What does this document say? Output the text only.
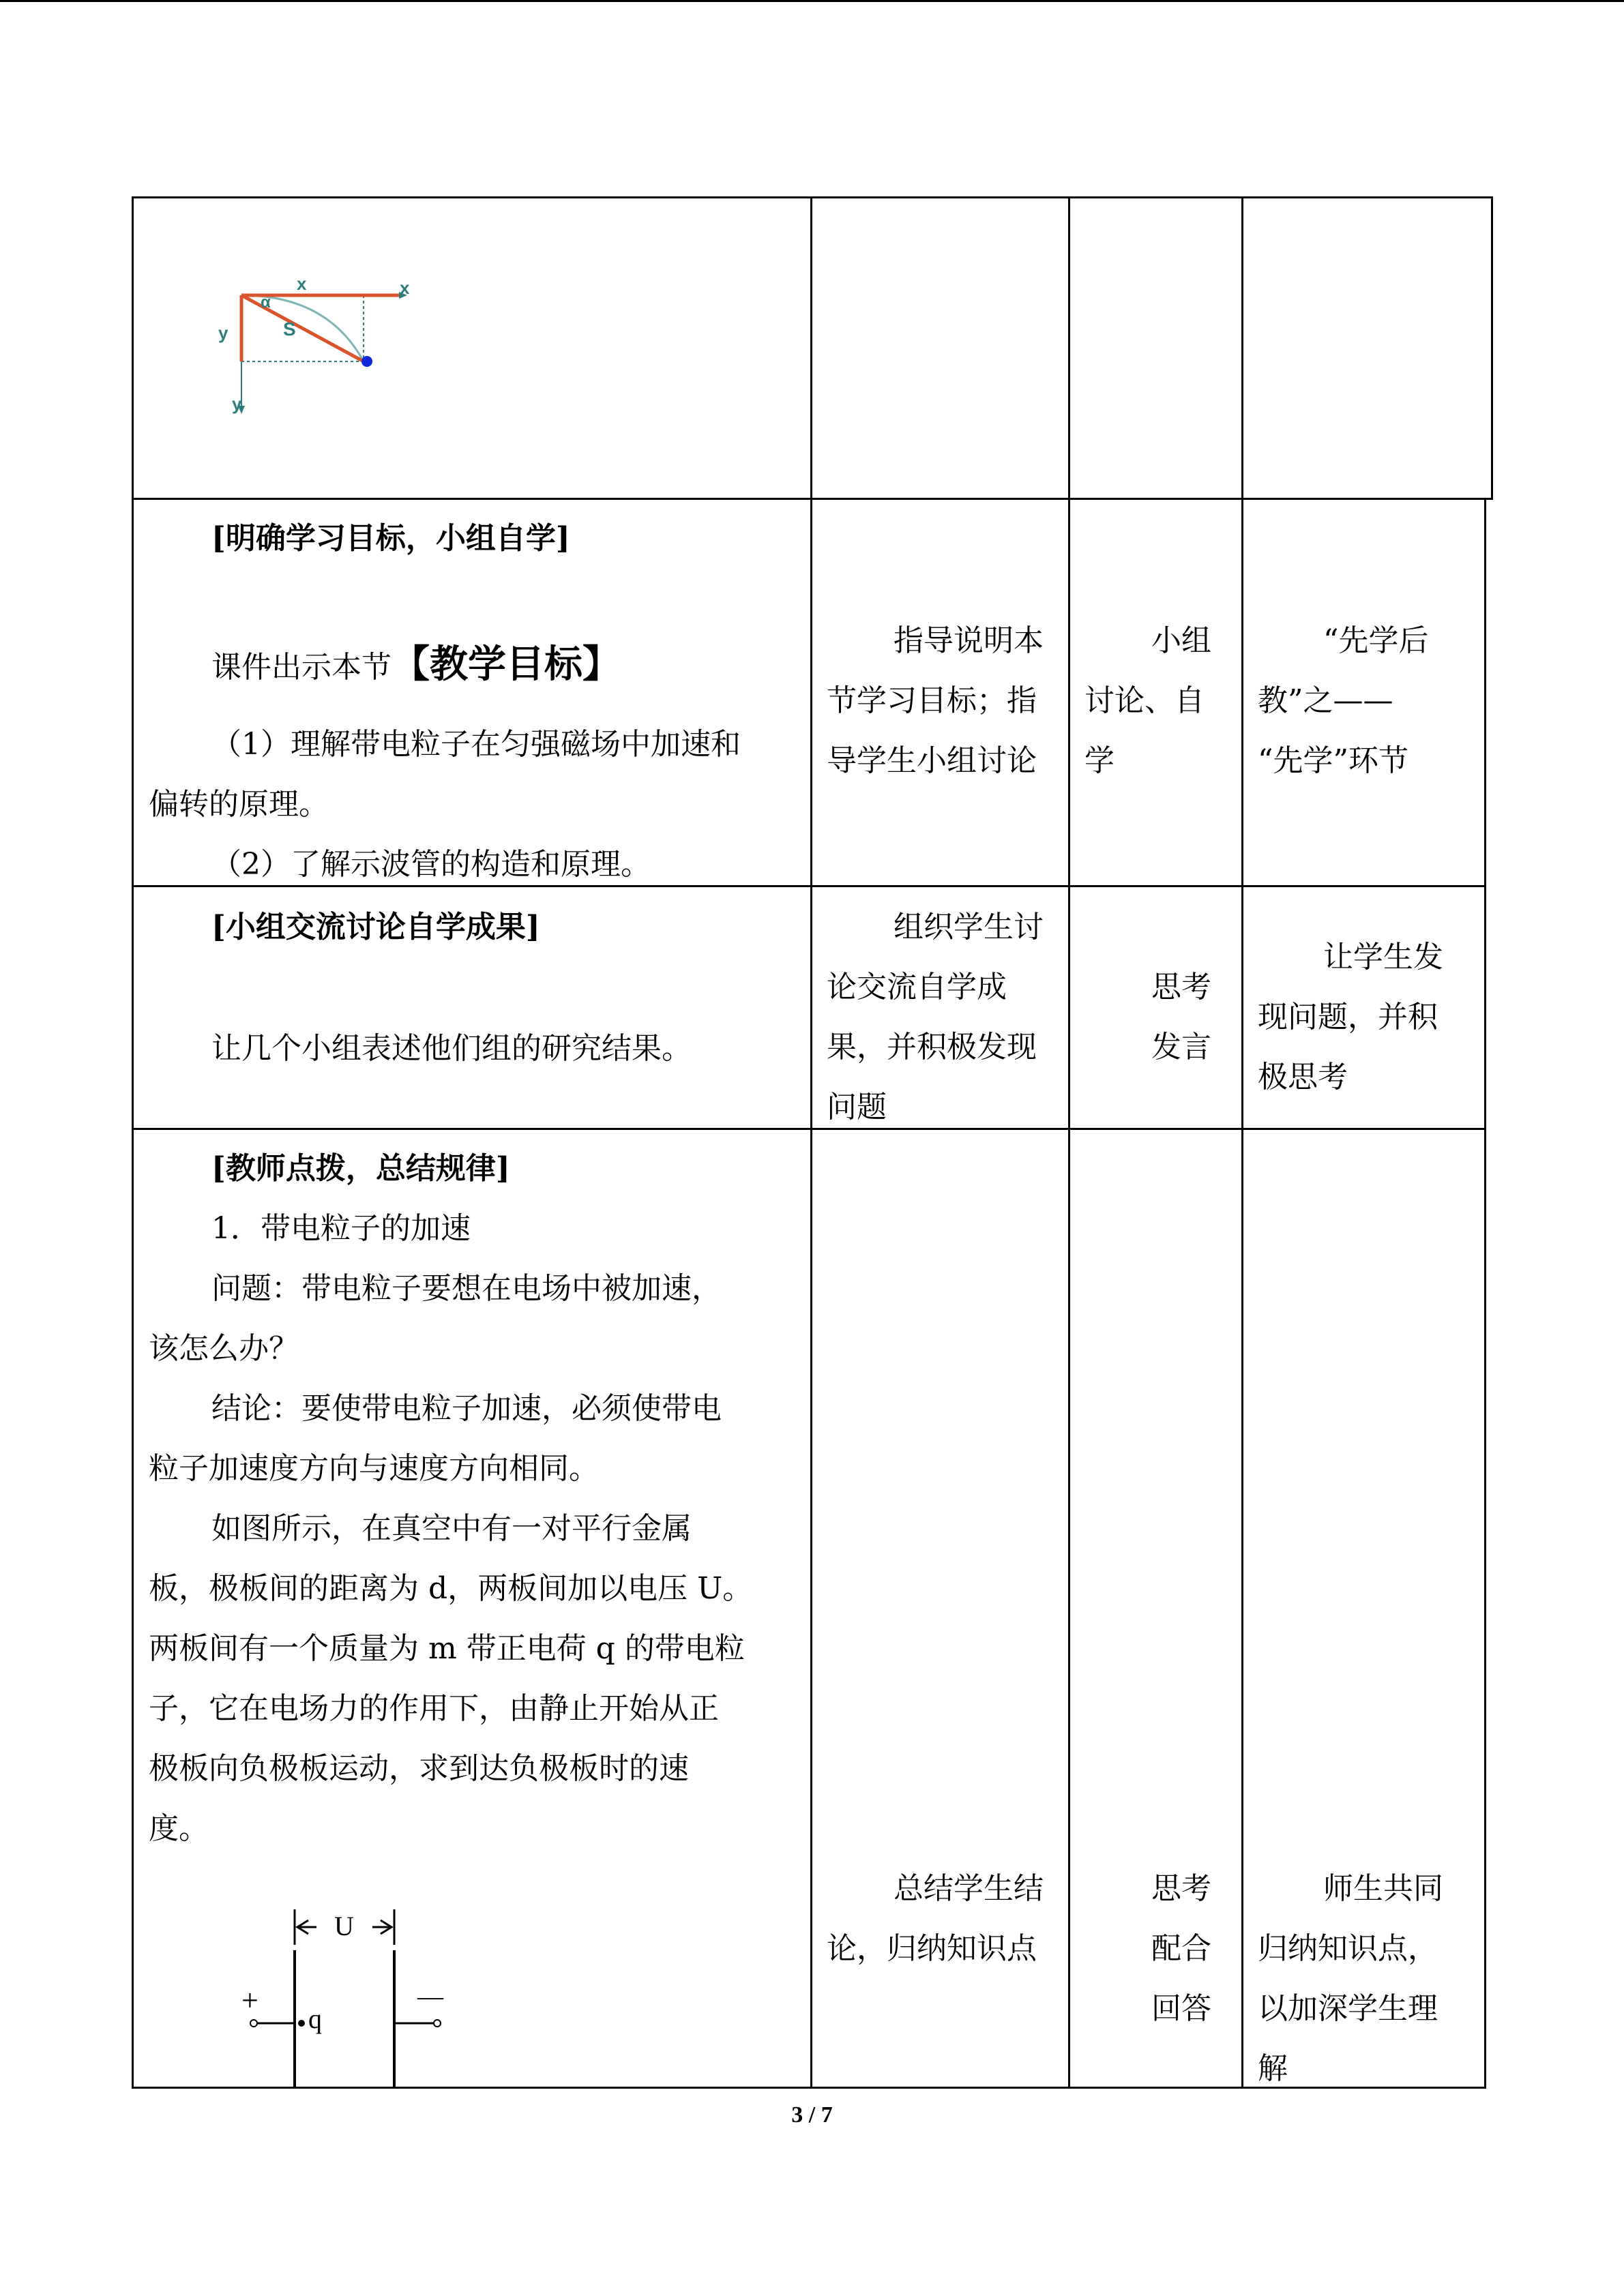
x	x
α
S
y
y
[明确学习目标，小组自学]
课件出示本节【教学目标】
（1）理解带电粒子在匀强磁场中加速和
偏转的原理。
（2）了解示波管的构造和原理。
指导说明本
节学习目标；指
导学生小组讨论
小组
讨论、自
学
“先学后
教”之——
“先学”环节
[小组交流讨论自学成果]
让几个小组表述他们组的研究结果。
组织学生讨
论交流自学成
果，并积极发现
问题
思考
发言
让学生发
现问题，并积
极思考
[教师点拨，总结规律]
1．带电粒子的加速
问题：带电粒子要想在电场中被加速，
该怎么办？
结论：要使带电粒子加速，必须使带电
粒子加速度方向与速度方向相同。
如图所示，在真空中有一对平行金属
板，极板间的距离为 d，两板间加以电压 U。
两板间有一个质量为 m 带正电荷 q 的带电粒
子，它在电场力的作用下，由静止开始从正
极板向负极板运动，求到达负极板时的速
度。
U
+
q
—
总结学生结
论，归纳知识点
思考
配合
回答
师生共同
归纳知识点，
以加深学生理
解
3 / 7
